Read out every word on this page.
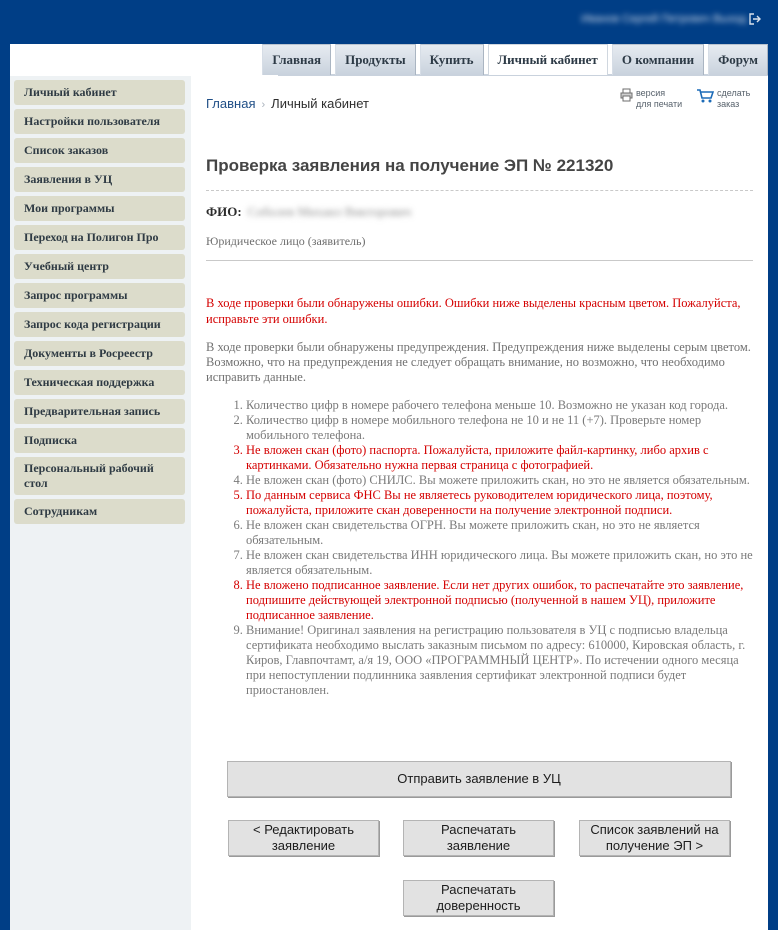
Иванов Сергей Петрович Выход
Главная	Продукты	Купить	Личный кабинет	О компании	Форум
Личный кабинет
Настройки пользователя
Список заказов
Заявления в УЦ
Мои программы
Переход на Полигон Про
Учебный центр
Запрос программы
Запрос кода регистрации
Документы в Росреестр
Техническая поддержка
Предварительная запись
Подписка
Персональный рабочий стол
Сотрудникам
Главная › Личный кабинет
версия
для печати
сделать
заказ
Проверка заявления на получение ЭП № 221320
ФИО: Соболев Михаил Викторович
Юридическое лицо (заявитель)
В ходе проверки были обнаружены ошибки. Ошибки ниже выделены красным цветом. Пожалуйста, исправьте эти ошибки.
В ходе проверки были обнаружены предупреждения. Предупреждения ниже выделены серым цветом. Возможно, что на предупреждения не следует обращать внимание, но возможно, что необходимо исправить данные.
1. Количество цифр в номере рабочего телефона меньше 10. Возможно не указан код города.
2. Количество цифр в номере мобильного телефона не 10 и не 11 (+7). Проверьте номер мобильного телефона.
3. Не вложен скан (фото) паспорта. Пожалуйста, приложите файл-картинку, либо архив с картинками. Обязательно нужна первая страница с фотографией.
4. Не вложен скан (фото) СНИЛС. Вы можете приложить скан, но это не является обязательным.
5. По данным сервиса ФНС Вы не являетесь руководителем юридического лица, поэтому, пожалуйста, приложите скан доверенности на получение электронной подписи.
6. Не вложен скан свидетельства ОГРН. Вы можете приложить скан, но это не является обязательным.
7. Не вложен скан свидетельства ИНН юридического лица. Вы можете приложить скан, но это не является обязательным.
8. Не вложено подписанное заявление. Если нет других ошибок, то распечатайте это заявление, подпишите действующей электронной подписью (полученной в нашем УЦ), приложите подписанное заявление.
9. Внимание! Оригинал заявления на регистрацию пользователя в УЦ с подписью владельца сертификата необходимо выслать заказным письмом по адресу: 610000, Кировская область, г. Киров, Главпочтамт, а/я 19, ООО «ПРОГРАММНЫЙ ЦЕНТР». По истечении одного месяца при непоступлении подлинника заявления сертификат электронной подписи будет приостановлен.
Отправить заявление в УЦ
< Редактировать
заявление
Распечатать
заявление
Список заявлений на
получение ЭП >
Распечатать
доверенность
